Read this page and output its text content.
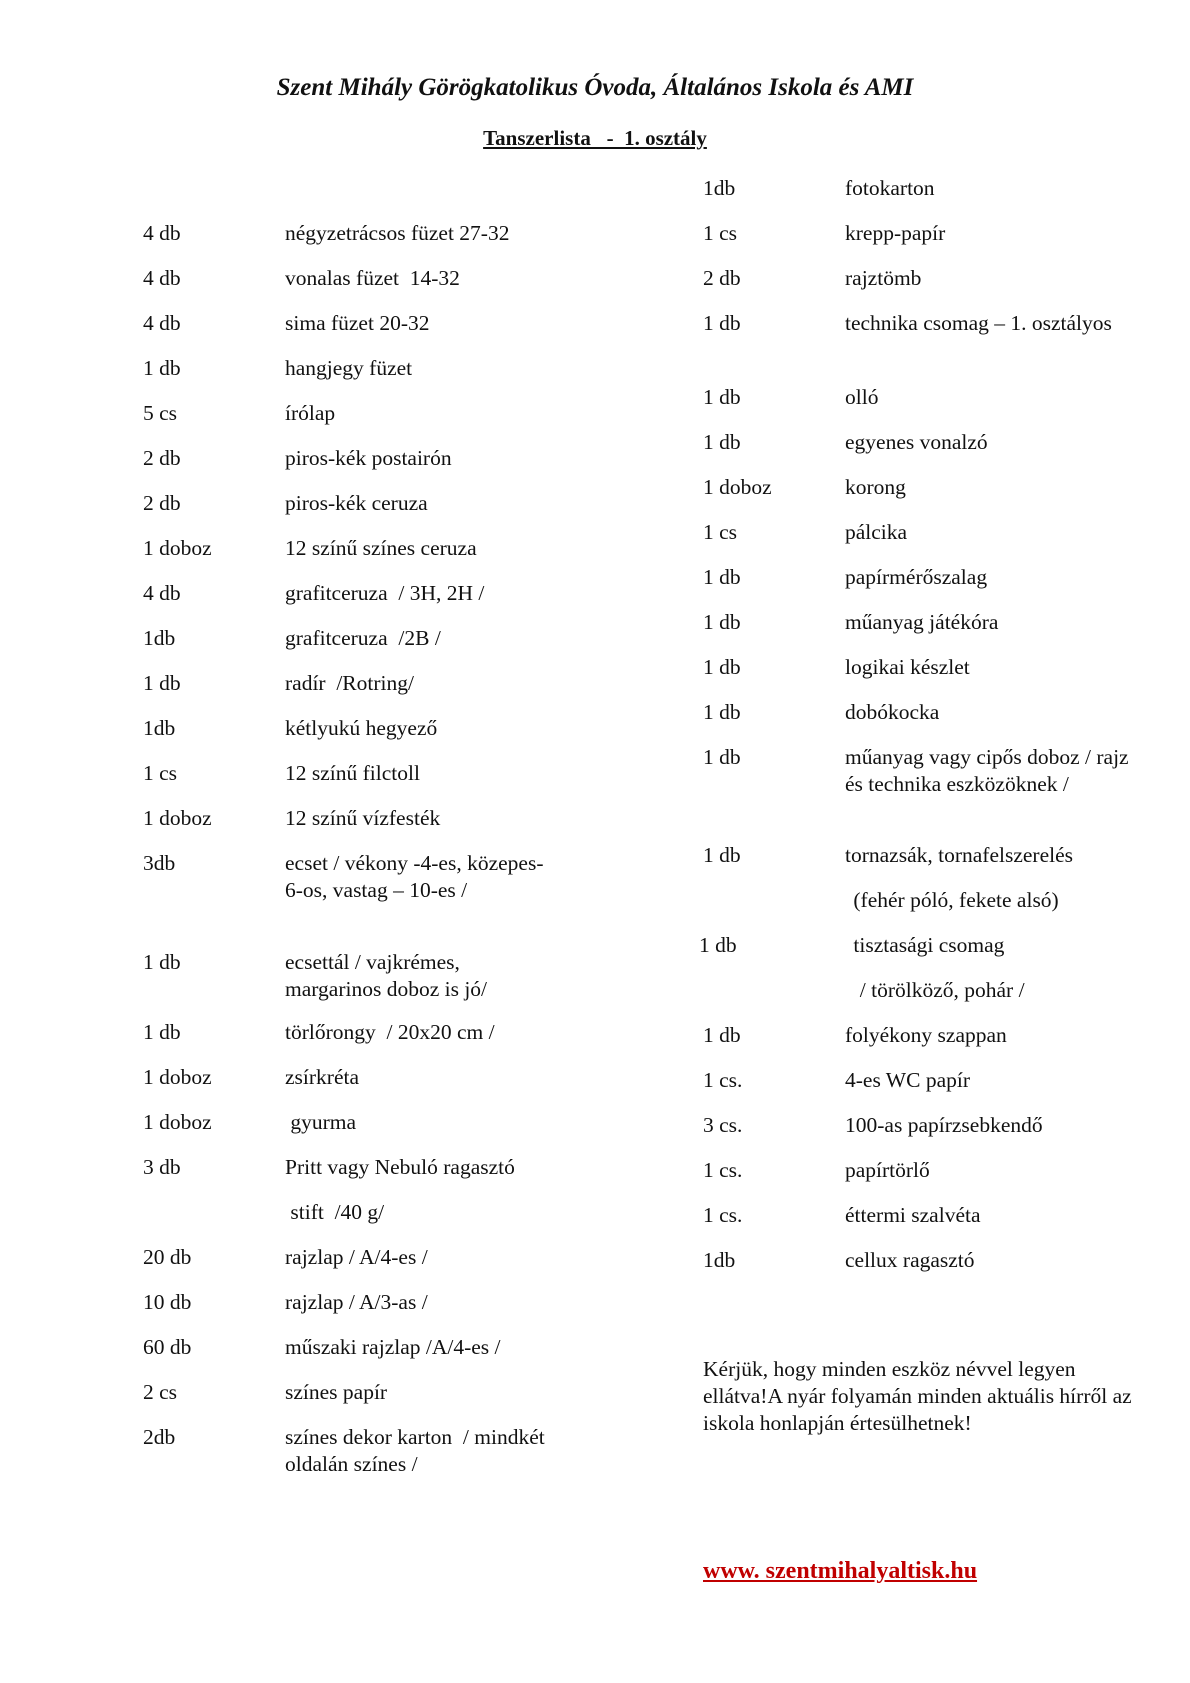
Szent Mihály Görögkatolikus Óvoda, Általános Iskola és AMI
Tanszerlista   -  1. osztály
4 db	négyzetrácsos füzet 27-32
4 db	vonalas füzet  14-32
4 db	sima füzet 20-32
1 db	hangjegy füzet
5 cs	írólap
2 db	piros-kék postairón
2 db	piros-kék ceruza
1 doboz	12 színű színes ceruza
4 db	grafitceruza  / 3H, 2H /
1db	grafitceruza  /2B /
1 db	radír  /Rotring/
1db	kétlyukú hegyező
1 cs	12 színű filctoll
1 doboz	12 színű vízfesték
3db	ecset / vékony -4-es, közepes-6-os, vastag – 10-es /
1 db	ecsettál / vajkrémes, margarinos doboz is jó/
1 db	törlőrongy  / 20x20 cm /
1 doboz	zsírkréta
1 doboz	gyurma
3 db	Pritt vagy Nebuló ragasztó
stift  /40 g/
20 db	rajzlap / A/4-es /
10 db	rajzlap / A/3-as /
60 db	műszaki rajzlap /A/4-es /
2 cs	színes papír
2db	színes dekor karton  / mindkét oldalán színes /
1db	fotokarton
1 cs	krepp-papír
2 db	rajztömb
1 db	technika csomag – 1. osztályos
1 db	olló
1 db	egyenes vonalzó
1 doboz	korong
1 cs	pálcika
1 db	papírmérőszalag
1 db	műanyag játékóra
1 db	logikai készlet
1 db	dobókocka
1 db	műanyag vagy cipős doboz / rajz és technika eszközöknek /
1 db	tornazsák, tornafelszerelés
(fehér póló, fekete alsó)
1 db	tisztasági csomag
/ törölköző, pohár /
1 db	folyékony szappan
1 cs.	4-es WC papír
3 cs.	100-as papírzsebkendő
1 cs.	papírtörlő
1 cs.	éttermi szalvéta
1db	cellux ragasztó

Kérjük, hogy minden eszköz névvel legyen ellátva!A nyár folyamán minden aktuális hírről az iskola honlapján értesülhetnek!

www. szentmihalyaltisk.hu
